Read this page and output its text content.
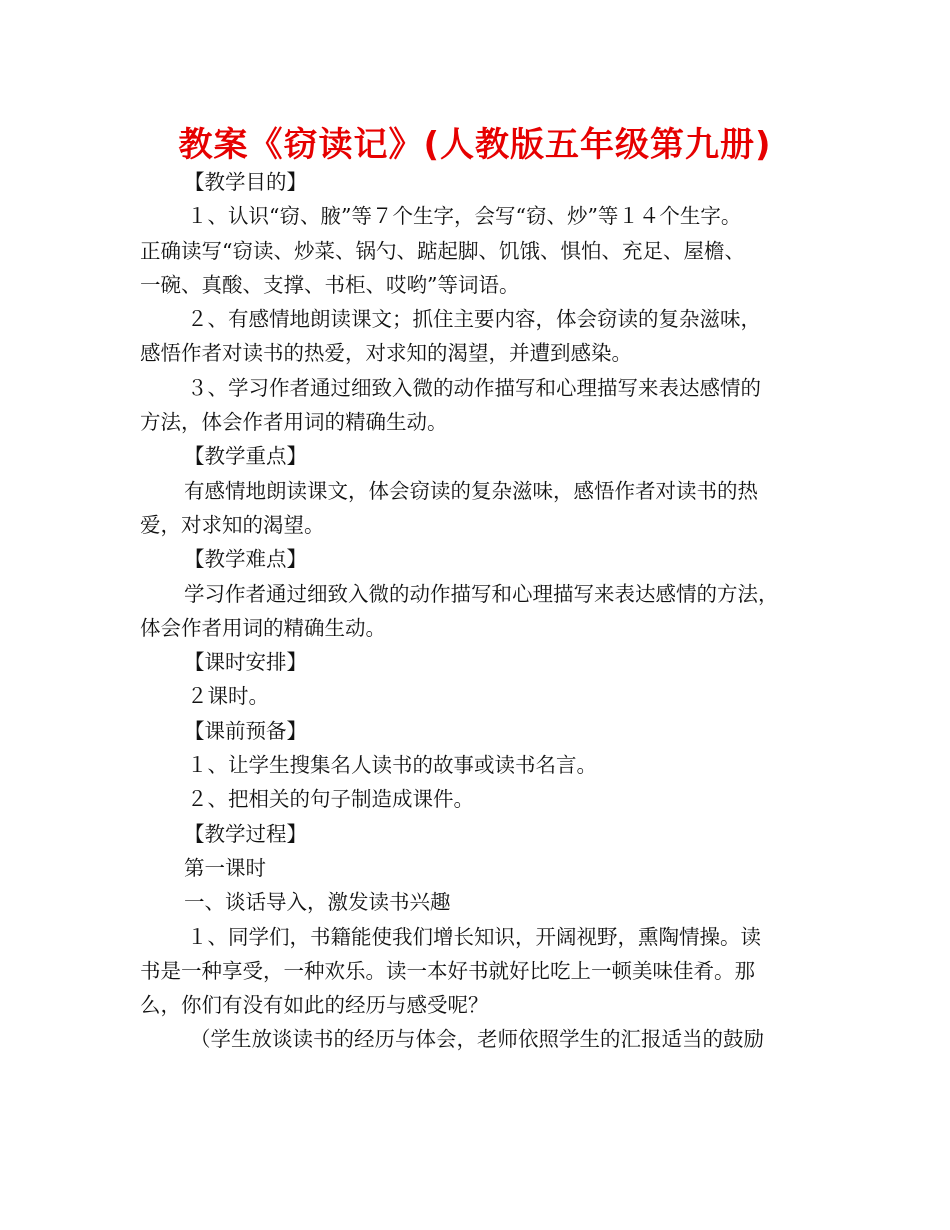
教案《窃读记》(人教版五年级第九册)

【教学目的】

１、认识“窃、腋”等７个生字，会写“窃、炒”等１４个生字。

正确读写“窃读、炒菜、锅勺、踮起脚、饥饿、惧怕、充足、屋檐、

一碗、真酸、支撑、书柜、哎哟”等词语。

２、有感情地朗读课文；抓住主要内容，体会窃读的复杂滋味，

感悟作者对读书的热爱，对求知的渴望，并遭到感染。

３、学习作者通过细致入微的动作描写和心理描写来表达感情的

方法，体会作者用词的精确生动。

【教学重点】

有感情地朗读课文，体会窃读的复杂滋味，感悟作者对读书的热

爱，对求知的渴望。

【教学难点】

学习作者通过细致入微的动作描写和心理描写来表达感情的方法，

体会作者用词的精确生动。

【课时安排】

２课时。

【课前预备】

１、让学生搜集名人读书的故事或读书名言。

２、把相关的句子制造成课件。

【教学过程】

第一课时

一、谈话导入，激发读书兴趣

１、同学们，书籍能使我们增长知识，开阔视野，熏陶情操。读

书是一种享受，一种欢乐。读一本好书就好比吃上一顿美味佳肴。那

么，你们有没有如此的经历与感受呢？

（学生放谈读书的经历与体会，老师依照学生的汇报适当的鼓励
